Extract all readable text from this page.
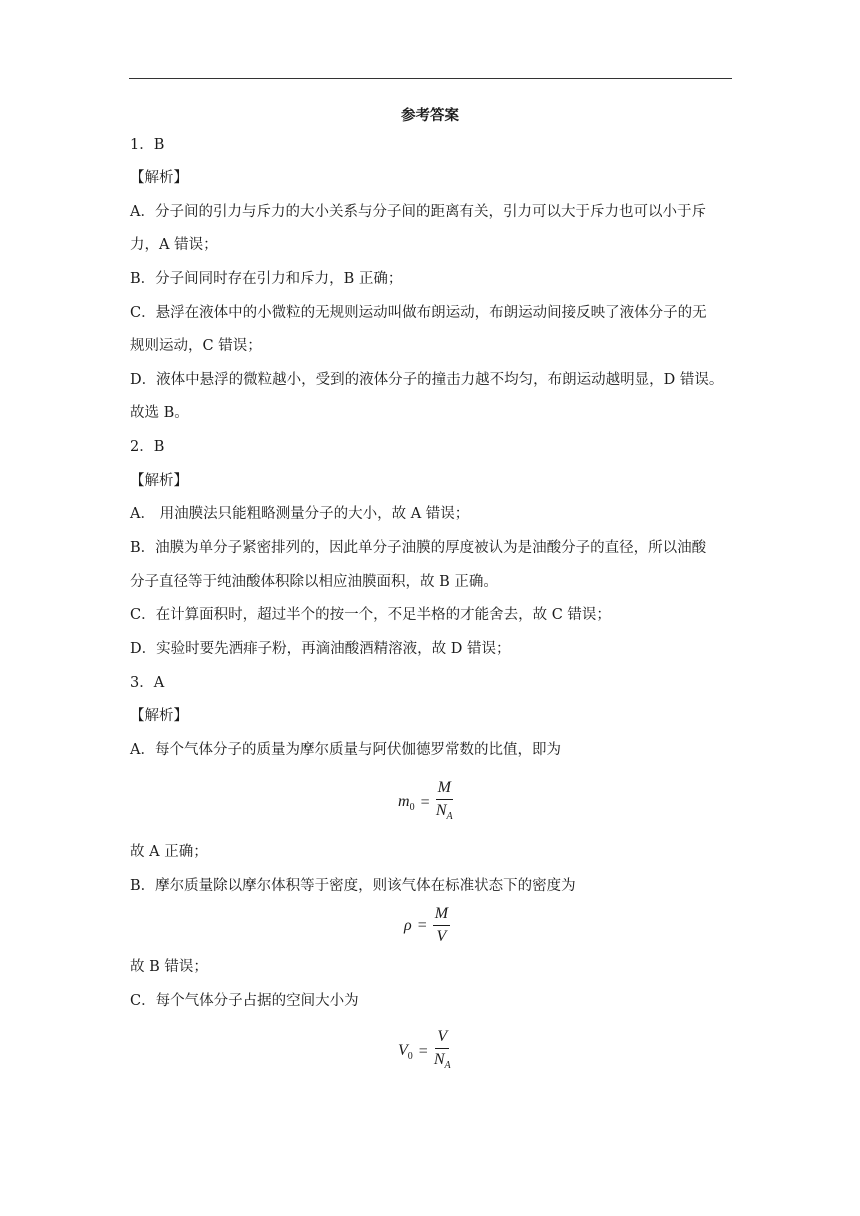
参考答案
1．B
【解析】
A．分子间的引力与斥力的大小关系与分子间的距离有关，引力可以大于斥力也可以小于斥
力，A 错误；
B．分子间同时存在引力和斥力，B 正确；
C．悬浮在液体中的小微粒的无规则运动叫做布朗运动，布朗运动间接反映了液体分子的无
规则运动，C 错误；
D．液体中悬浮的微粒越小，受到的液体分子的撞击力越不均匀，布朗运动越明显，D 错误。
故选 B。
2．B
【解析】
A． 用油膜法只能粗略测量分子的大小，故 A 错误；
B．油膜为单分子紧密排列的，因此单分子油膜的厚度被认为是油酸分子的直径，所以油酸
分子直径等于纯油酸体积除以相应油膜面积，故 B 正确。
C．在计算面积时，超过半个的按一个，不足半格的才能舍去，故 C 错误；
D．实验时要先洒痱子粉，再滴油酸酒精溶液，故 D 错误；
3．A
【解析】
A．每个气体分子的质量为摩尔质量与阿伏伽德罗常数的比值，即为
$m_0 = \frac{M}{N_A}$
故 A 正确；
B．摩尔质量除以摩尔体积等于密度，则该气体在标准状态下的密度为
$\rho = \frac{M}{V}$
故 B 错误；
C．每个气体分子占据的空间大小为
$V_0 = \frac{V}{N_A}$
